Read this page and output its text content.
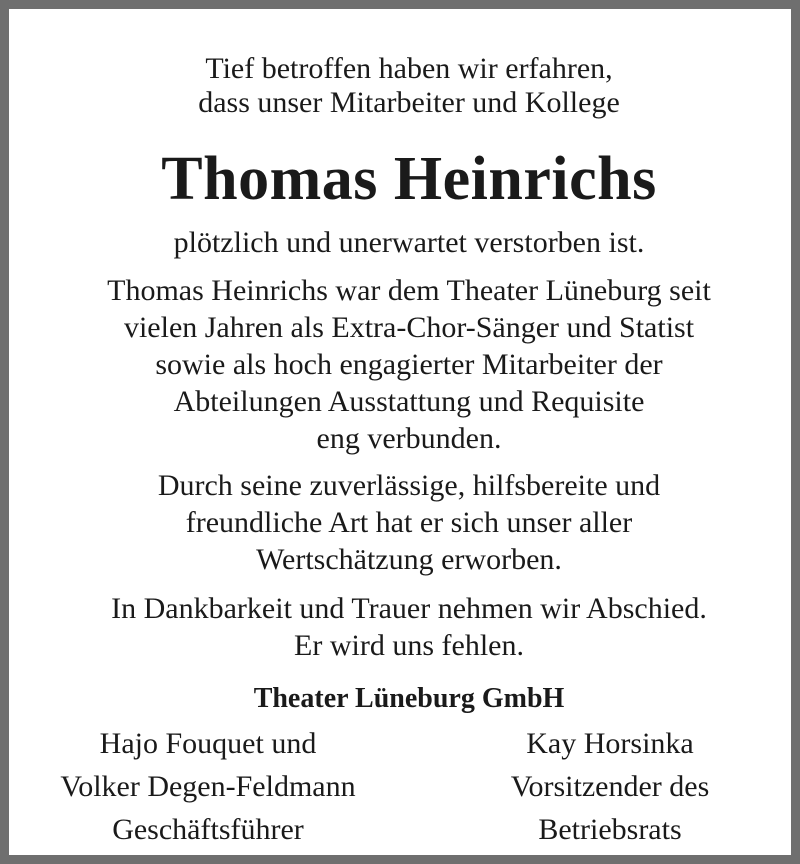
Tief betroffen haben wir erfahren,
dass unser Mitarbeiter und Kollege
Thomas Heinrichs
plötzlich und unerwartet verstorben ist.
Thomas Heinrichs war dem Theater Lüneburg seit
vielen Jahren als Extra-Chor-Sänger und Statist
sowie als hoch engagierter Mitarbeiter der
Abteilungen Ausstattung und Requisite
eng verbunden.
Durch seine zuverlässige, hilfsbereite und
freundliche Art hat er sich unser aller
Wertschätzung erworben.
In Dankbarkeit und Trauer nehmen wir Abschied.
Er wird uns fehlen.
Theater Lüneburg GmbH
Hajo Fouquet und
Volker Degen-Feldmann
Geschäftsführer
Kay Horsinka
Vorsitzender des
Betriebsrats
